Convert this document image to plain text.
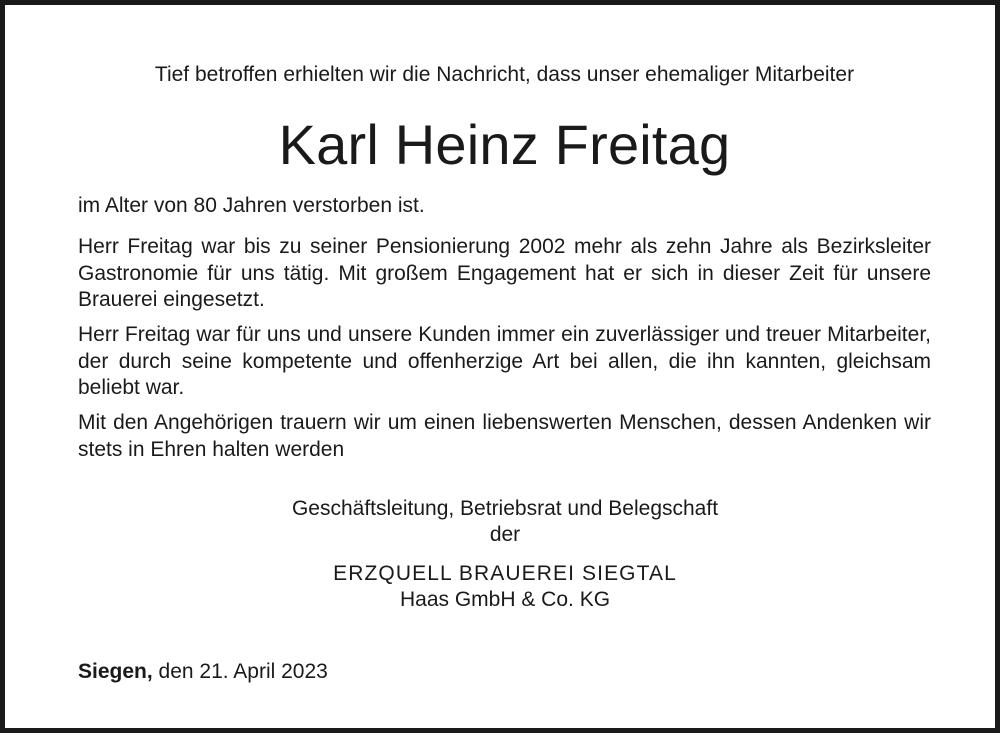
Tief betroffen erhielten wir die Nachricht, dass unser ehemaliger Mitarbeiter
Karl Heinz Freitag
im Alter von 80 Jahren verstorben ist.

Herr Freitag war bis zu seiner Pensionierung 2002 mehr als zehn Jahre als Bezirksleiter Gastronomie für uns tätig. Mit großem Engagement hat er sich in dieser Zeit für unsere Brauerei eingesetzt.

Herr Freitag war für uns und unsere Kunden immer ein zuverlässiger und treuer Mitarbeiter, der durch seine kompetente und offenherzige Art bei allen, die ihn kannten, gleichsam beliebt war.

Mit den Angehörigen trauern wir um einen liebenswerten Menschen, dessen Andenken wir stets in Ehren halten werden

Geschäftsleitung, Betriebsrat und Belegschaft
der
ERZQUELL BRAUEREI SIEGTAL
Haas GmbH & Co. KG
Siegen, den 21. April 2023
